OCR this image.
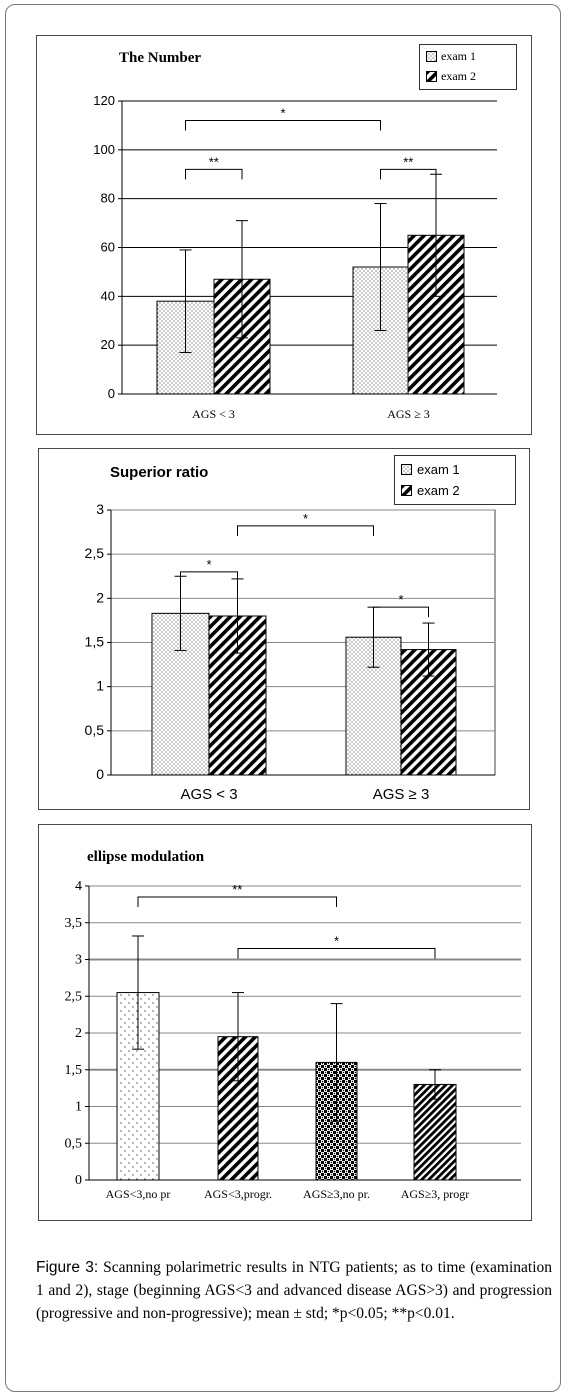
The Number
0
20
40
60
80
100
120
AGS < 3	AGS ≥ 3
**	**
*
exam 1
exam 2
Superior ratio
0
0,5
1
1,5
2
2,5
3
AGS < 3	AGS ≥ 3
*
*
*
exam 1
exam 2
ellipse modulation
0
0,5
1
1,5
2
2,5
3
3,5
4
AGS<3,no pr	AGS<3,progr.	AGS≥3,no pr.	AGS≥3, progr
**
*
Figure 3: Scanning polarimetric results in NTG patients; as to time (examination 1 and 2), stage (beginning AGS<3 and advanced disease AGS>3) and progression (progressive and non-progressive); mean ± std; *p<0.05; **p<0.01.
